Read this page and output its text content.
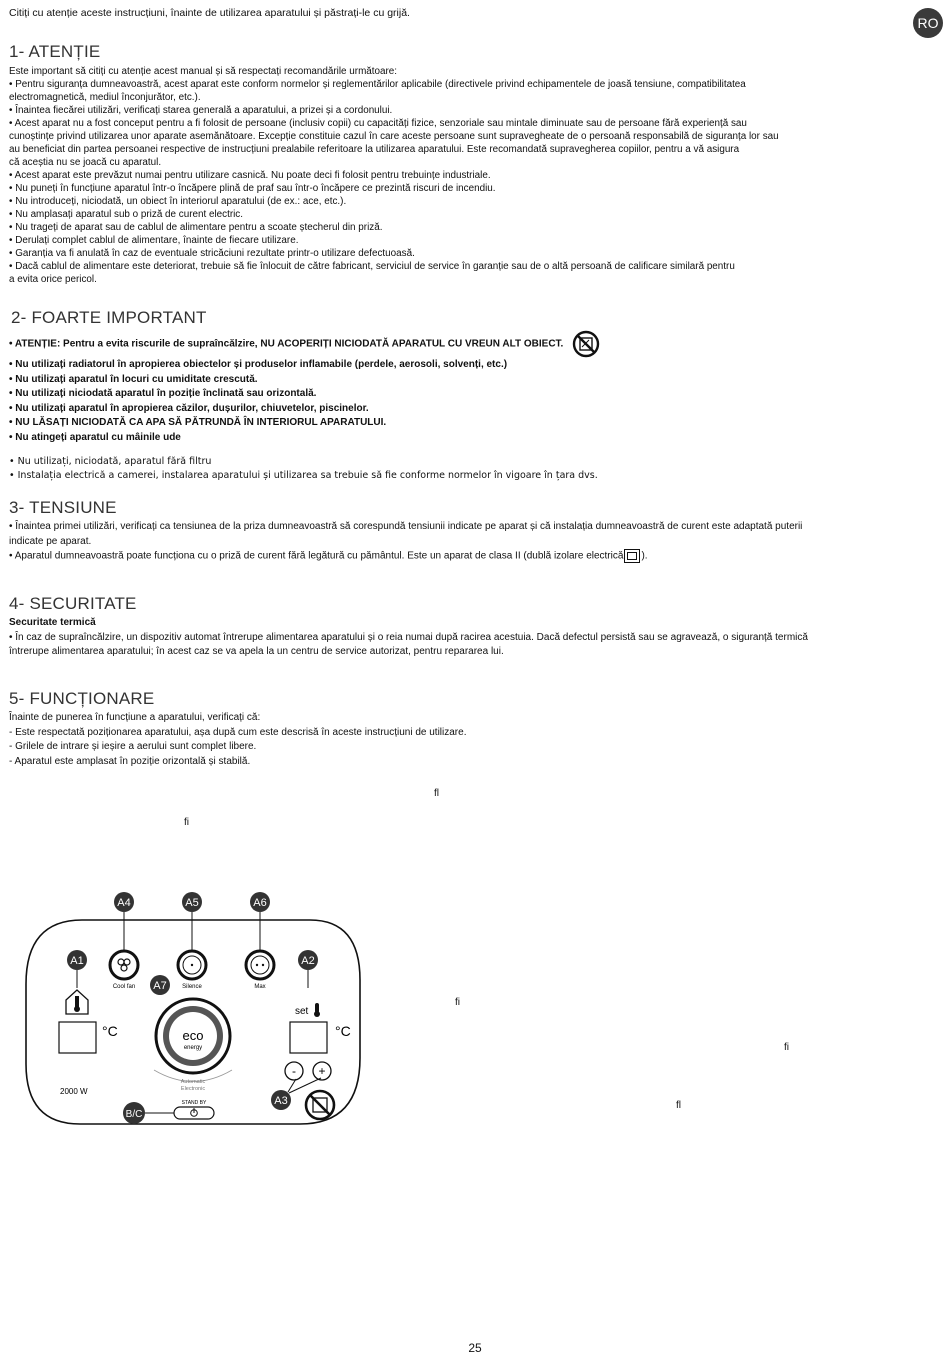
Citiți cu atenție aceste instrucțiuni, înainte de utilizarea aparatului și păstrați-le cu grijă.
RO
1- ATENȚIE

Este important să citiți cu atenție acest manual și să respectați recomandările următoare:

• Pentru siguranța dumneavoastră, acest aparat este conform normelor și reglementărilor aplicabile (directivele privind echipamentele de joasă tensiune, compatibilitatea

electromagnetică, mediul înconjurător, etc.).

• Înaintea fiecărei utilizări, verificați starea generală a aparatului, a prizei și a cordonului.

• Acest aparat nu a fost conceput pentru a fi folosit de persoane (inclusiv copii) cu capacități fizice, senzoriale sau mintale diminuate sau de persoane fără experiență sau

cunoștințe privind utilizarea unor aparate asemănătoare. Excepție constituie cazul în care aceste persoane sunt supravegheate de o persoană responsabilă de siguranța lor sau

au beneficiat din partea persoanei respective de instrucțiuni prealabile referitoare la utilizarea aparatului. Este recomandată supravegherea copiilor, pentru a vă asigura

că aceștia nu se joacă cu aparatul.

• Acest aparat este prevăzut numai pentru utilizare casnică. Nu poate deci fi folosit pentru trebuințe industriale.

• Nu puneți în funcțiune aparatul într-o încăpere plină de praf sau într-o încăpere ce prezintă riscuri de incendiu.

• Nu introduceți, niciodată, un obiect în interiorul aparatului (de ex.: ace, etc.).

• Nu amplasați aparatul sub o priză de curent electric.

• Nu trageți de aparat sau de cablul de alimentare pentru a scoate ștecherul din priză.

• Derulați complet cablul de alimentare, înainte de fiecare utilizare.

• Garanția va fi anulată în caz de eventuale stricăciuni rezultate printr-o utilizare defectuoasă.

• Dacă cablul de alimentare este deteriorat, trebuie să fie înlocuit de către fabricant, serviciul de service în garanție sau de o altă persoană de calificare similară pentru

a evita orice pericol.

2- FOARTE IMPORTANT

• ATENȚIE: Pentru a evita riscurile de supraîncălzire, NU ACOPERIȚI NICIODATĂ APARATUL CU VREUN ALT OBIECT.

• Nu utilizați radiatorul în apropierea obiectelor și produselor inflamabile (perdele, aerosoli, solvenți, etc.)

• Nu utilizați aparatul în locuri cu umiditate crescută.

• Nu utilizați niciodată aparatul în poziție înclinată sau orizontală.

• Nu utilizați aparatul în apropierea căzilor, dușurilor, chiuvetelor, piscinelor.

• NU LĂSAȚI NICIODATĂ CA APA SĂ PĂTRUNDĂ ÎN INTERIORUL APARATULUI.

• Nu atingeți aparatul cu mâinile ude

• Nu utilizați, niciodată, aparatul fără filtru

• Instalația electrică a camerei, instalarea aparatului și utilizarea sa trebuie să fie conforme normelor în vigoare în țara dvs.

3- TENSIUNE

• Înaintea primei utilizări, verificați ca tensiunea de la priza dumneavoastră să corespundă tensiunii indicate pe aparat și că instalația dumneavoastră de curent este adaptată puterii

indicate pe aparat.

• Aparatul dumneavoastră poate funcționa cu o priză de curent fără legătură cu pământul. Este un aparat de clasa II (dublă izolare electrică ).

4- SECURITATE

Securitate termică

• În caz de supraîncălzire, un dispozitiv automat întrerupe alimentarea aparatului și o reia numai după racirea acestuia. Dacă defectul persistă sau se agravează, o siguranță termică

întrerupe alimentarea aparatului; în acest caz se va apela la un centru de service autorizat, pentru repararea lui.

5- FUNCȚIONARE

Înainte de punerea în funcțiune a aparatului, verificați că:

- Este respectată poziționarea aparatului, așa după cum este descrisă în aceste instrucțiuni de utilizare.

- Grilele de intrare și ieșire a aerului sunt complet libere.

- Aparatul este amplasat în poziție orizontală și stabilă.

ﬂ
ﬁ
ﬁ
ﬁ
ﬂ
A4	A5	A6
A1	A2
Cool fan	Silence	Max
set
°C	°C
A7
eco
energy
Automatic
Electronic
2000 W
- +
A3
B/C
STAND BY
25
